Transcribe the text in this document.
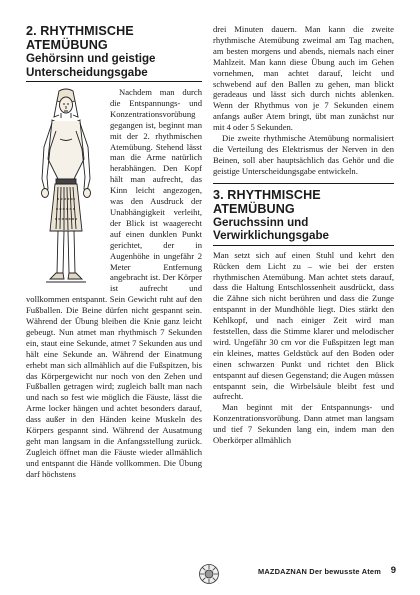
2. RHYTHMISCHE ATEMÜBUNG
Gehörsinn und geistige Unterscheidungsgabe

Nachdem man durch die Entspannungs- und Konzentrationsvorübung gegangen ist, beginnt man mit der 2. rhythmischen Atemübung. Stehend lässt man die Arme natürlich herabhängen. Den Kopf hält man aufrecht, das Kinn leicht angezogen, was den Ausdruck der Unabhängigkeit verleiht, der Blick ist waagerecht auf einen dunklen Punkt gerichtet, der in Augenhöhe in ungefähr 2 Meter Entfernung angebracht ist. Der Körper ist aufrecht und vollkommen entspannt. Sein Gewicht ruht auf den Fußballen. Die Beine dürfen nicht gespannt sein. Während der Übung bleiben die Knie ganz leicht gebeugt. Nun atmet man rhythmisch 7 Sekunden ein, staut eine Sekunde, atmet 7 Sekunden aus und hält eine Sekunde an. Während der Einatmung erhebt man sich allmählich auf die Fußspitzen, bis das Körpergewicht nur noch von den Zehen und Fußballen getragen wird; zugleich ballt man nach und nach so fest wie möglich die Fäuste, lässt die Arme locker hängen und achtet besonders darauf, dass außer in den Händen keine Muskeln des Körpers gespannt sind. Während der Ausatmung geht man langsam in die Anfangsstellung zurück. Zugleich öffnet man die Fäuste wieder allmählich und entspannt die Hände vollkommen. Die Übung darf höchstens

drei Minuten dauern. Man kann die zweite rhythmische Atemübung zweimal am Tag machen, am besten morgens und abends, niemals nach einer Mahlzeit. Man kann diese Übung auch im Gehen vornehmen, man achtet darauf, leicht und schwebend auf den Ballen zu gehen, man blickt geradeaus und lässt sich durch nichts ablenken. Wenn der Rhythmus von je 7 Sekunden einem anfangs außer Atem bringt, übt man zunächst nur mit 4 oder 5 Sekunden.

Die zweite rhythmische Atemübung normalisiert die Verteilung des Elektrismus der Nerven in den Beinen, soll aber hauptsächlich das Gehör und die geistige Unterscheidungsgabe entwickeln.

3. RHYTHMISCHE ATEMÜBUNG
Geruchssinn und Verwirklichungsgabe

Man setzt sich auf einen Stuhl und kehrt den Rücken dem Licht zu – wie bei der ersten rhythmischen Atemübung. Man achtet stets darauf, dass die Haltung Entschlossenheit ausdrückt, dass die Zähne sich nicht berühren und dass die Zunge entspannt in der Mundhöhle liegt. Dies stärkt den Kehlkopf, und nach einiger Zeit wird man feststellen, dass die Stimme klarer und melodischer wird. Ungefähr 30 cm vor die Fußspitzen legt man ein kleines, mattes Geldstück auf den Boden oder einen schwarzen Punkt und richtet den Blick entspannt auf diesen Gegenstand; die Augen müssen entspannt sein, die Wirbelsäule bleibt fest und aufrecht.

Man beginnt mit der Entspannungs- und Konzentrationsvorübung. Dann atmet man langsam und tief 7 Sekunden lang ein, indem man den Oberkörper allmählich

MAZDAZNAN Der bewusste Atem 9
